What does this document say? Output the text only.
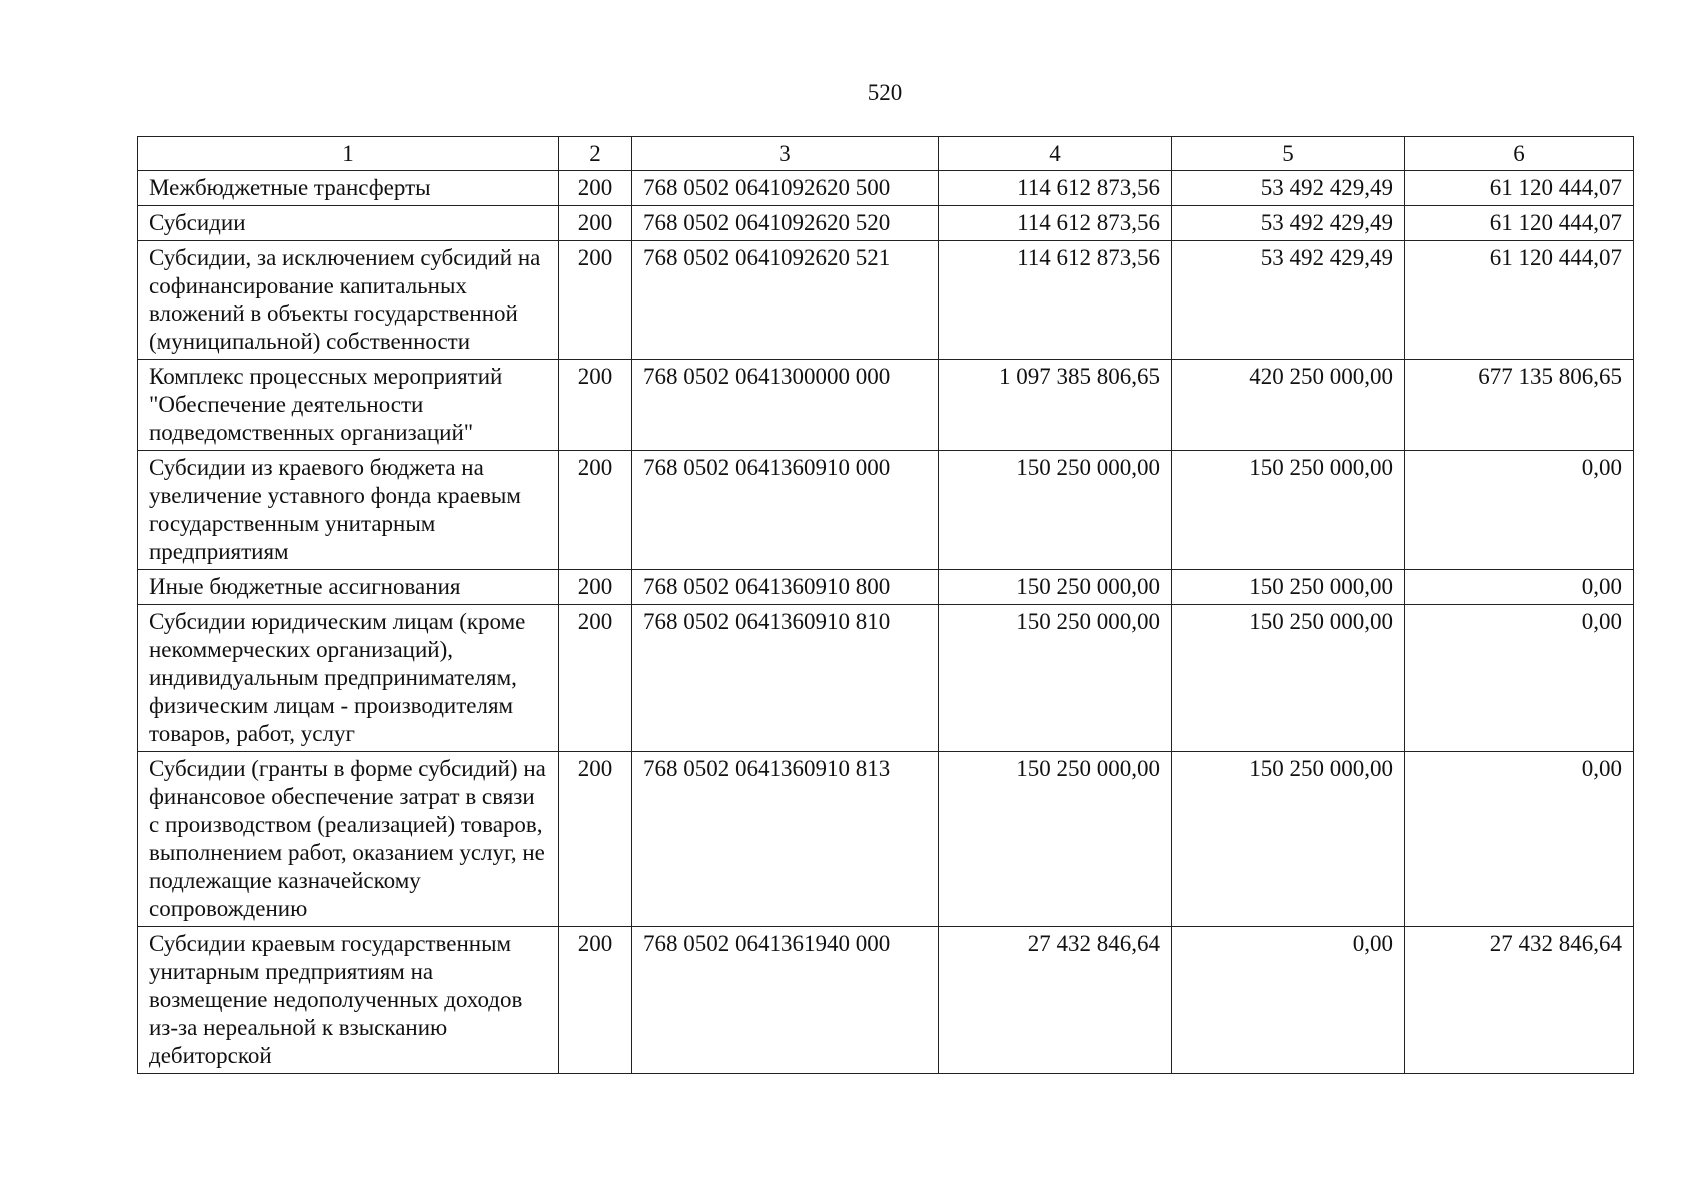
520
1	2	3	4	5	6
Межбюджетные трансферты	200	768 0502 0641092620 500	114 612 873,56	53 492 429,49	61 120 444,07
Субсидии	200	768 0502 0641092620 520	114 612 873,56	53 492 429,49	61 120 444,07
Субсидии, за исключением субсидий на софинансирование капитальных вложений в объекты государственной (муниципальной) собственности	200	768 0502 0641092620 521	114 612 873,56	53 492 429,49	61 120 444,07
Комплекс процессных мероприятий "Обеспечение деятельности подведомственных организаций"	200	768 0502 0641300000 000	1 097 385 806,65	420 250 000,00	677 135 806,65
Субсидии из краевого бюджета на увеличение уставного фонда краевым государственным унитарным предприятиям	200	768 0502 0641360910 000	150 250 000,00	150 250 000,00	0,00
Иные бюджетные ассигнования	200	768 0502 0641360910 800	150 250 000,00	150 250 000,00	0,00
Субсидии юридическим лицам (кроме некоммерческих организаций), индивидуальным предпринимателям, физическим лицам - производителям товаров, работ, услуг	200	768 0502 0641360910 810	150 250 000,00	150 250 000,00	0,00
Субсидии (гранты в форме субсидий) на финансовое обеспечение затрат в связи с производством (реализацией) товаров, выполнением работ, оказанием услуг, не подлежащие казначейскому сопровождению	200	768 0502 0641360910 813	150 250 000,00	150 250 000,00	0,00
Субсидии краевым государственным унитарным предприятиям на возмещение недополученных доходов из-за нереальной к взысканию дебиторской	200	768 0502 0641361940 000	27 432 846,64	0,00	27 432 846,64
